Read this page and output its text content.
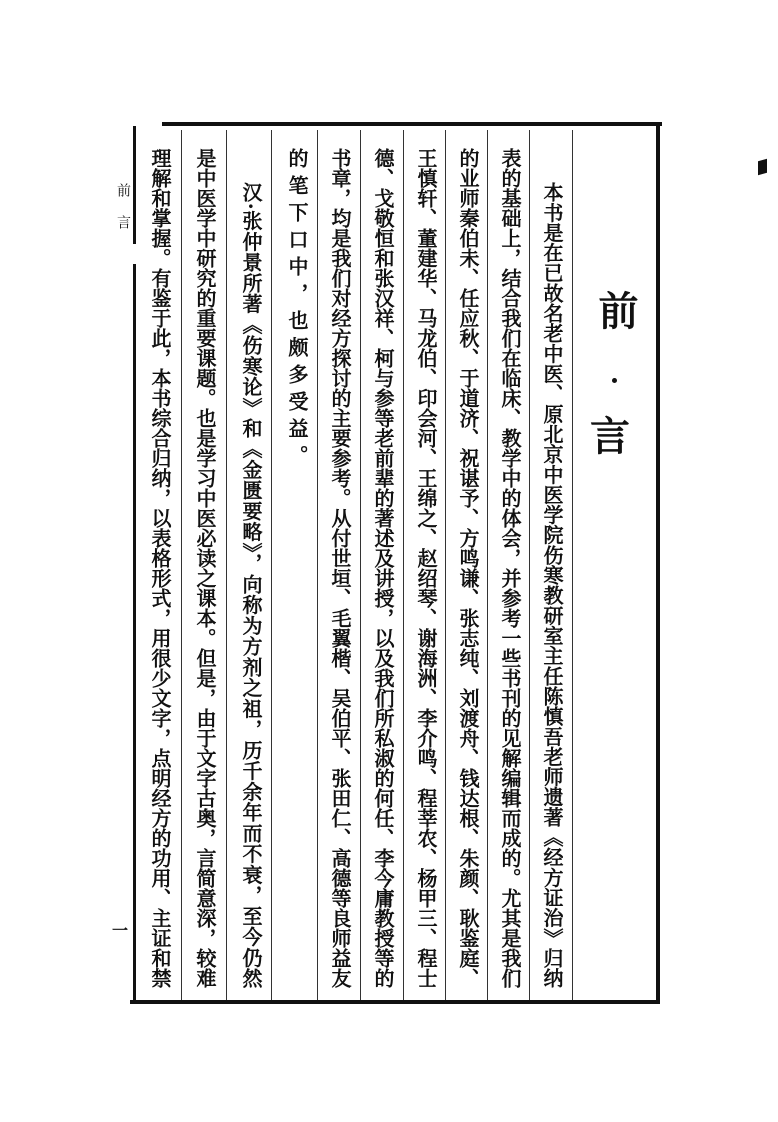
前
言
本书是在已故名老中医、原北京中医学院伤寒教研室主任陈慎吾老师遗著《经方证治》归纳
表的基础上，结合我们在临床、教学中的体会，并参考一些书刊的见解编辑而成的。尤其是我们
的业师秦伯未、任应秋、于道济、祝谌予、方鸣谦、张志纯、刘渡舟、钱达根、朱颜、耿鉴庭、
王慎轩、董建华、马龙伯、印会河、王绵之、赵绍琴、谢海洲、李介鸣、程莘农、杨甲三、程士
德、戈敬恒和张汉祥、柯与参等老前辈的著述及讲授，以及我们所私淑的何任、李今庸教授等的
书章，均是我们对经方探讨的主要参考。从付世垣、毛翼楷、吴伯平、张田仁、高德等良师益友
的笔下口中，也颇多受益。
汉·张仲景所著《伤寒论》和《金匮要略》，向称为方剂之祖，历千余年而不衰，至今仍然
是中医学中研究的重要课题。也是学习中医必读之课本。但是，由于文字古奥，言简意深，较难
理解和掌握。有鉴于此，本书综合归纳，以表格形式，用很少文字，点明经方的功用、主证和禁
前言
一
